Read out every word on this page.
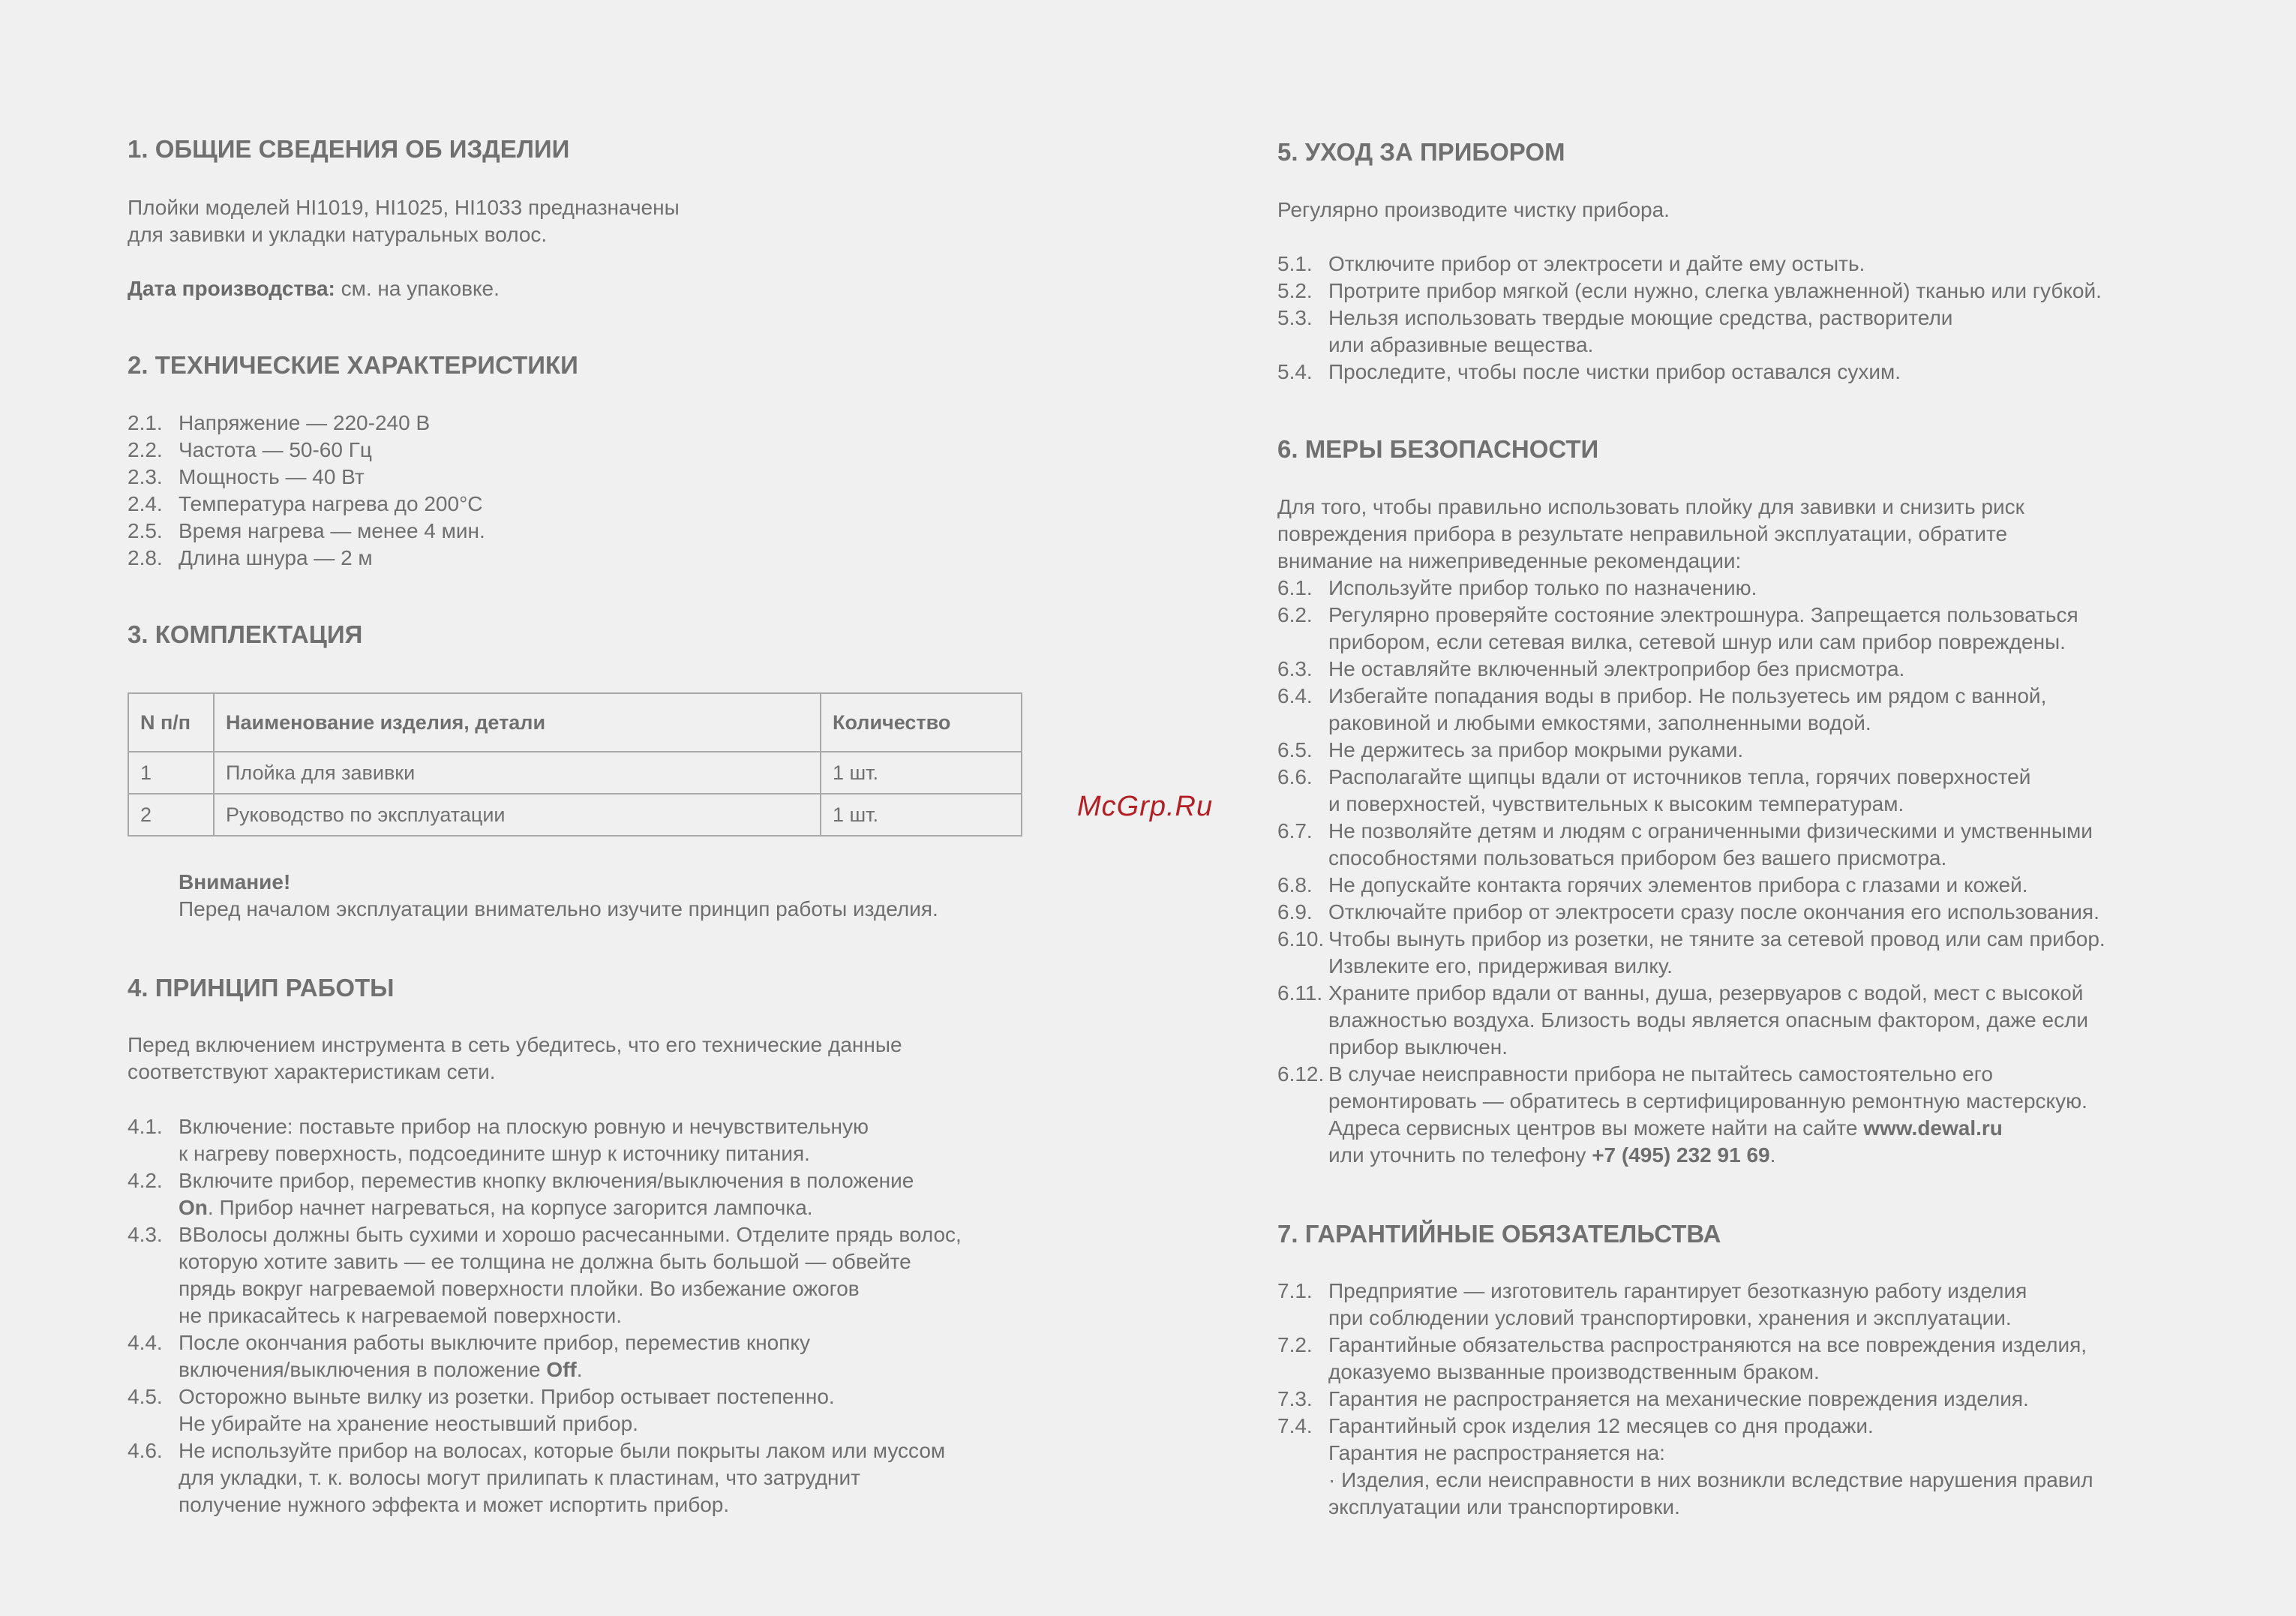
McGrp.Ru
1. ОБЩИЕ СВЕДЕНИЯ ОБ ИЗДЕЛИИ
Плойки моделей HI1019, HI1025, HI1033 предназначены
для завивки и укладки натуральных волос.
Дата производства: см. на упаковке.
2. ТЕХНИЧЕСКИЕ ХАРАКТЕРИСТИКИ
2.1. Напряжение — 220-240 В
2.2. Частота — 50-60 Гц
2.3. Мощность — 40 Вт
2.4. Температура нагрева до 200°С
2.5. Время нагрева — менее 4 мин.
2.8. Длина шнура — 2 м
3. КОМПЛЕКТАЦИЯ
N п/п	Наименование изделия, детали	Количество
1	Плойка для завивки	1 шт.
2	Руководство по эксплуатации	1 шт.
Внимание!
Перед началом эксплуатации внимательно изучите принцип работы изделия.
4. ПРИНЦИП РАБОТЫ
Перед включением инструмента в сеть убедитесь, что его технические данные
соответствуют характеристикам сети.
4.1. Включение: поставьте прибор на плоскую ровную и нечувствительную
к нагреву поверхность, подсоедините шнур к источнику питания.
4.2. Включите прибор, переместив кнопку включения/выключения в положение
On. Прибор начнет нагреваться, на корпусе загорится лампочка.
4.3. ВВолосы должны быть сухими и хорошо расчесанными. Отделите прядь волос,
которую хотите завить — ее толщина не должна быть большой — обвейте
прядь вокруг нагреваемой поверхности плойки. Во избежание ожогов
не прикасайтесь к нагреваемой поверхности.
4.4. После окончания работы выключите прибор, переместив кнопку
включения/выключения в положение Off.
4.5. Осторожно выньте вилку из розетки. Прибор остывает постепенно.
Не убирайте на хранение неостывший прибор.
4.6. Не используйте прибор на волосах, которые были покрыты лаком или муссом
для укладки, т. к. волосы могут прилипать к пластинам, что затруднит
получение нужного эффекта и может испортить прибор.
5. УХОД ЗА ПРИБОРОМ
Регулярно производите чистку прибора.
5.1. Отключите прибор от электросети и дайте ему остыть.
5.2. Протрите прибор мягкой (если нужно, слегка увлажненной) тканью или губкой.
5.3. Нельзя использовать твердые моющие средства, растворители
или абразивные вещества.
5.4. Проследите, чтобы после чистки прибор оставался сухим.
6. МЕРЫ БЕЗОПАСНОСТИ
Для того, чтобы правильно использовать плойку для завивки и снизить риск
повреждения прибора в результате неправильной эксплуатации, обратите
внимание на нижеприведенные рекомендации:
6.1. Используйте прибор только по назначению.
6.2. Регулярно проверяйте состояние электрошнура. Запрещается пользоваться
прибором, если сетевая вилка, сетевой шнур или сам прибор повреждены.
6.3. Не оставляйте включенный электроприбор без присмотра.
6.4. Избегайте попадания воды в прибор. Не пользуетесь им рядом с ванной,
раковиной и любыми емкостями, заполненными водой.
6.5. Не держитесь за прибор мокрыми руками.
6.6. Располагайте щипцы вдали от источников тепла, горячих поверхностей
и поверхностей, чувствительных к высоким температурам.
6.7. Не позволяйте детям и людям с ограниченными физическими и умственными
способностями пользоваться прибором без вашего присмотра.
6.8. Не допускайте контакта горячих элементов прибора с глазами и кожей.
6.9. Отключайте прибор от электросети сразу после окончания его использования.
6.10. Чтобы вынуть прибор из розетки, не тяните за сетевой провод или сам прибор.
Извлеките его, придерживая вилку.
6.11. Храните прибор вдали от ванны, душа, резервуаров с водой, мест с высокой
влажностью воздуха. Близость воды является опасным фактором, даже если
прибор выключен.
6.12. В случае неисправности прибора не пытайтесь самостоятельно его
ремонтировать — обратитесь в сертифицированную ремонтную мастерскую.
Адреса сервисных центров вы можете найти на сайте www.dewal.ru
или уточнить по телефону +7 (495) 232 91 69.
7. ГАРАНТИЙНЫЕ ОБЯЗАТЕЛЬСТВА
7.1. Предприятие — изготовитель гарантирует безотказную работу изделия
при соблюдении условий транспортировки, хранения и эксплуатации.
7.2. Гарантийные обязательства распространяются на все повреждения изделия,
доказуемо вызванные производственным браком.
7.3. Гарантия не распространяется на механические повреждения изделия.
7.4. Гарантийный срок изделия 12 месяцев со дня продажи.
Гарантия не распространяется на:
· Изделия, если неисправности в них возникли вследствие нарушения правил
эксплуатации или транспортировки.
